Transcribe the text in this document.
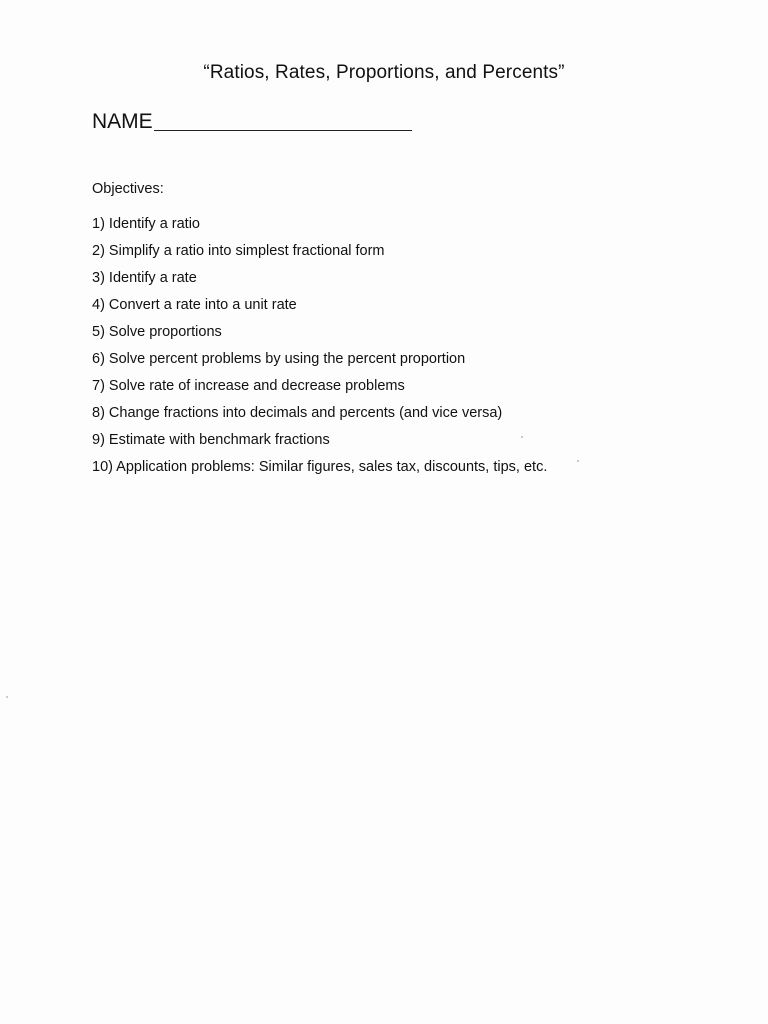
“Ratios, Rates, Proportions, and Percents”
NAME
Objectives:
1) Identify a ratio
2) Simplify a ratio into simplest fractional form
3) Identify a rate
4) Convert a rate into a unit rate
5) Solve proportions
6) Solve percent problems by using the percent proportion
7) Solve rate of increase and decrease problems
8) Change fractions into decimals and percents (and vice versa)
9) Estimate with benchmark fractions
10) Application problems: Similar figures, sales tax, discounts, tips, etc.
